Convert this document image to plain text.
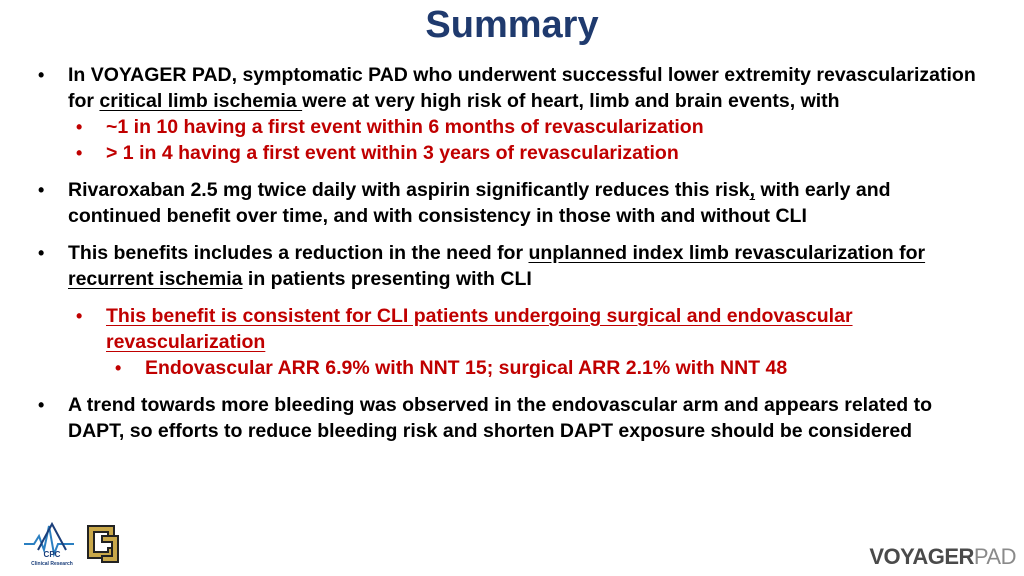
Summary
• In VOYAGER PAD, symptomatic PAD who underwent successful lower extremity revascularization for critical limb ischemia were at very high risk of heart, limb and brain events, with
• ~1 in 10 having a first event within 6 months of revascularization
• > 1 in 4 having a first event within 3 years of revascularization
• Rivaroxaban 2.5 mg twice daily with aspirin significantly reduces this risk, with early and continued benefit over time, and with consistency in those with and without CLI
• This benefits includes a reduction in the need for unplanned index limb revascularization for recurrent ischemia in patients presenting with CLI
• This benefit is consistent for CLI patients undergoing surgical and endovascular revascularization
• Endovascular ARR 6.9% with NNT 15; surgical ARR 2.1% with NNT 48
• A trend towards more bleeding was observed in the endovascular arm and appears related to DAPT, so efforts to reduce bleeding risk and shorten DAPT exposure should be considered
CPC
Clinical Research	VOYAGERPAD
